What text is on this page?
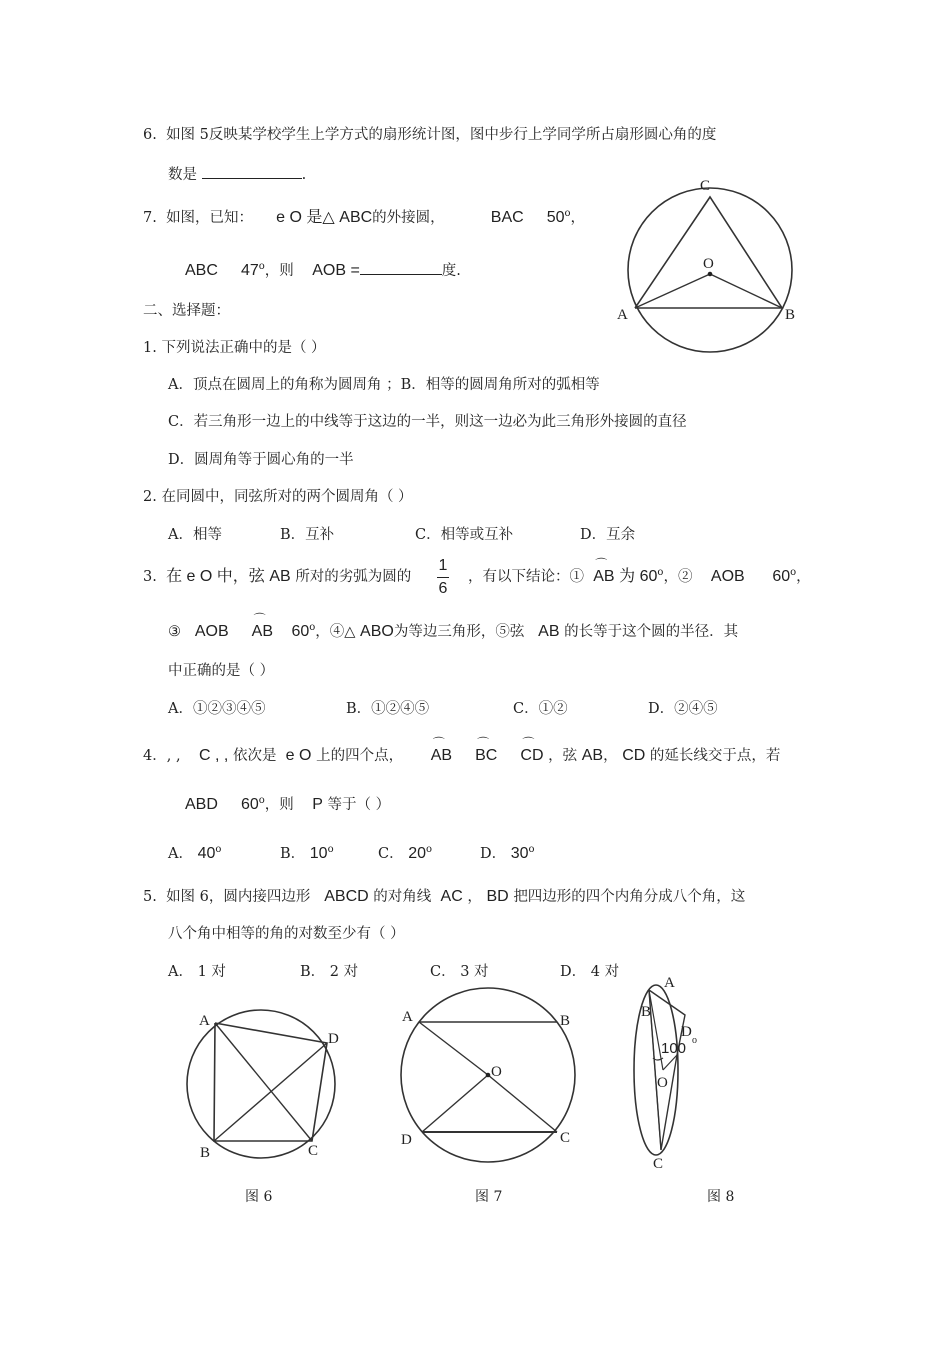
6. 如图 5反映某学校学生上学方式的扇形统计图，图中步行上学同学所占扇形圆心角的度
数是	.
7. 如图，已知： e O 是△ ABC的外接圆，	BAC 50$^o$，
ABC 47$^o$，则 AOB =	度.
C
O
A	B
二、选择题：
1. 下列说法正确中的是（ ）
A．顶点在圆周上的角称为圆周角 ；B．相等的圆周角所对的弧相等
C．若三角形一边上的中线等于这边的一半，则这一边必为此三角形外接圆的直径
D．圆周角等于圆心角的一半
2. 在同圆中，同弦所对的两个圆周角（ ）
A．相等	B．互补	C．相等或互补	D．互余
3. 在 e O 中，弦 AB 所对的劣弧为圆的
1
6
，有以下结论：① ⌒ AB 为 60$^o$，② AOB 60$^o$，
③ AOB ⌒ AB 60$^o$，④△ ABO为等边三角形，⑤弦 AB 的长等于这个圆的半径．其
中正确的是（ ）
A．①②③④⑤	B．①②④⑤	C．①②	D．②④⑤
4．, , C , , 依次是 e O 上的四个点， ⌒ AB ⌒ BC ⌒ CD ，弦 AB， CD 的延长线交于点，若
ABD 60$^o$，则 P 等于（ ）
A． 40$^o$	B． 10$^o$	C． 20$^o$	D． 30$^o$
5. 如图 6，圆内接四边形 ABCD 的对角线 AC ， BD 把四边形的四个内角分成八个角，这
八个角中相等的角的对数至少有（ ）
A． 1 对	B． 2 对	C． 3 对	D． 4 对
A
D
B	C
图 6
A	B
O
D	C
图 7
A
B
D
100 o
O
C
图 8
